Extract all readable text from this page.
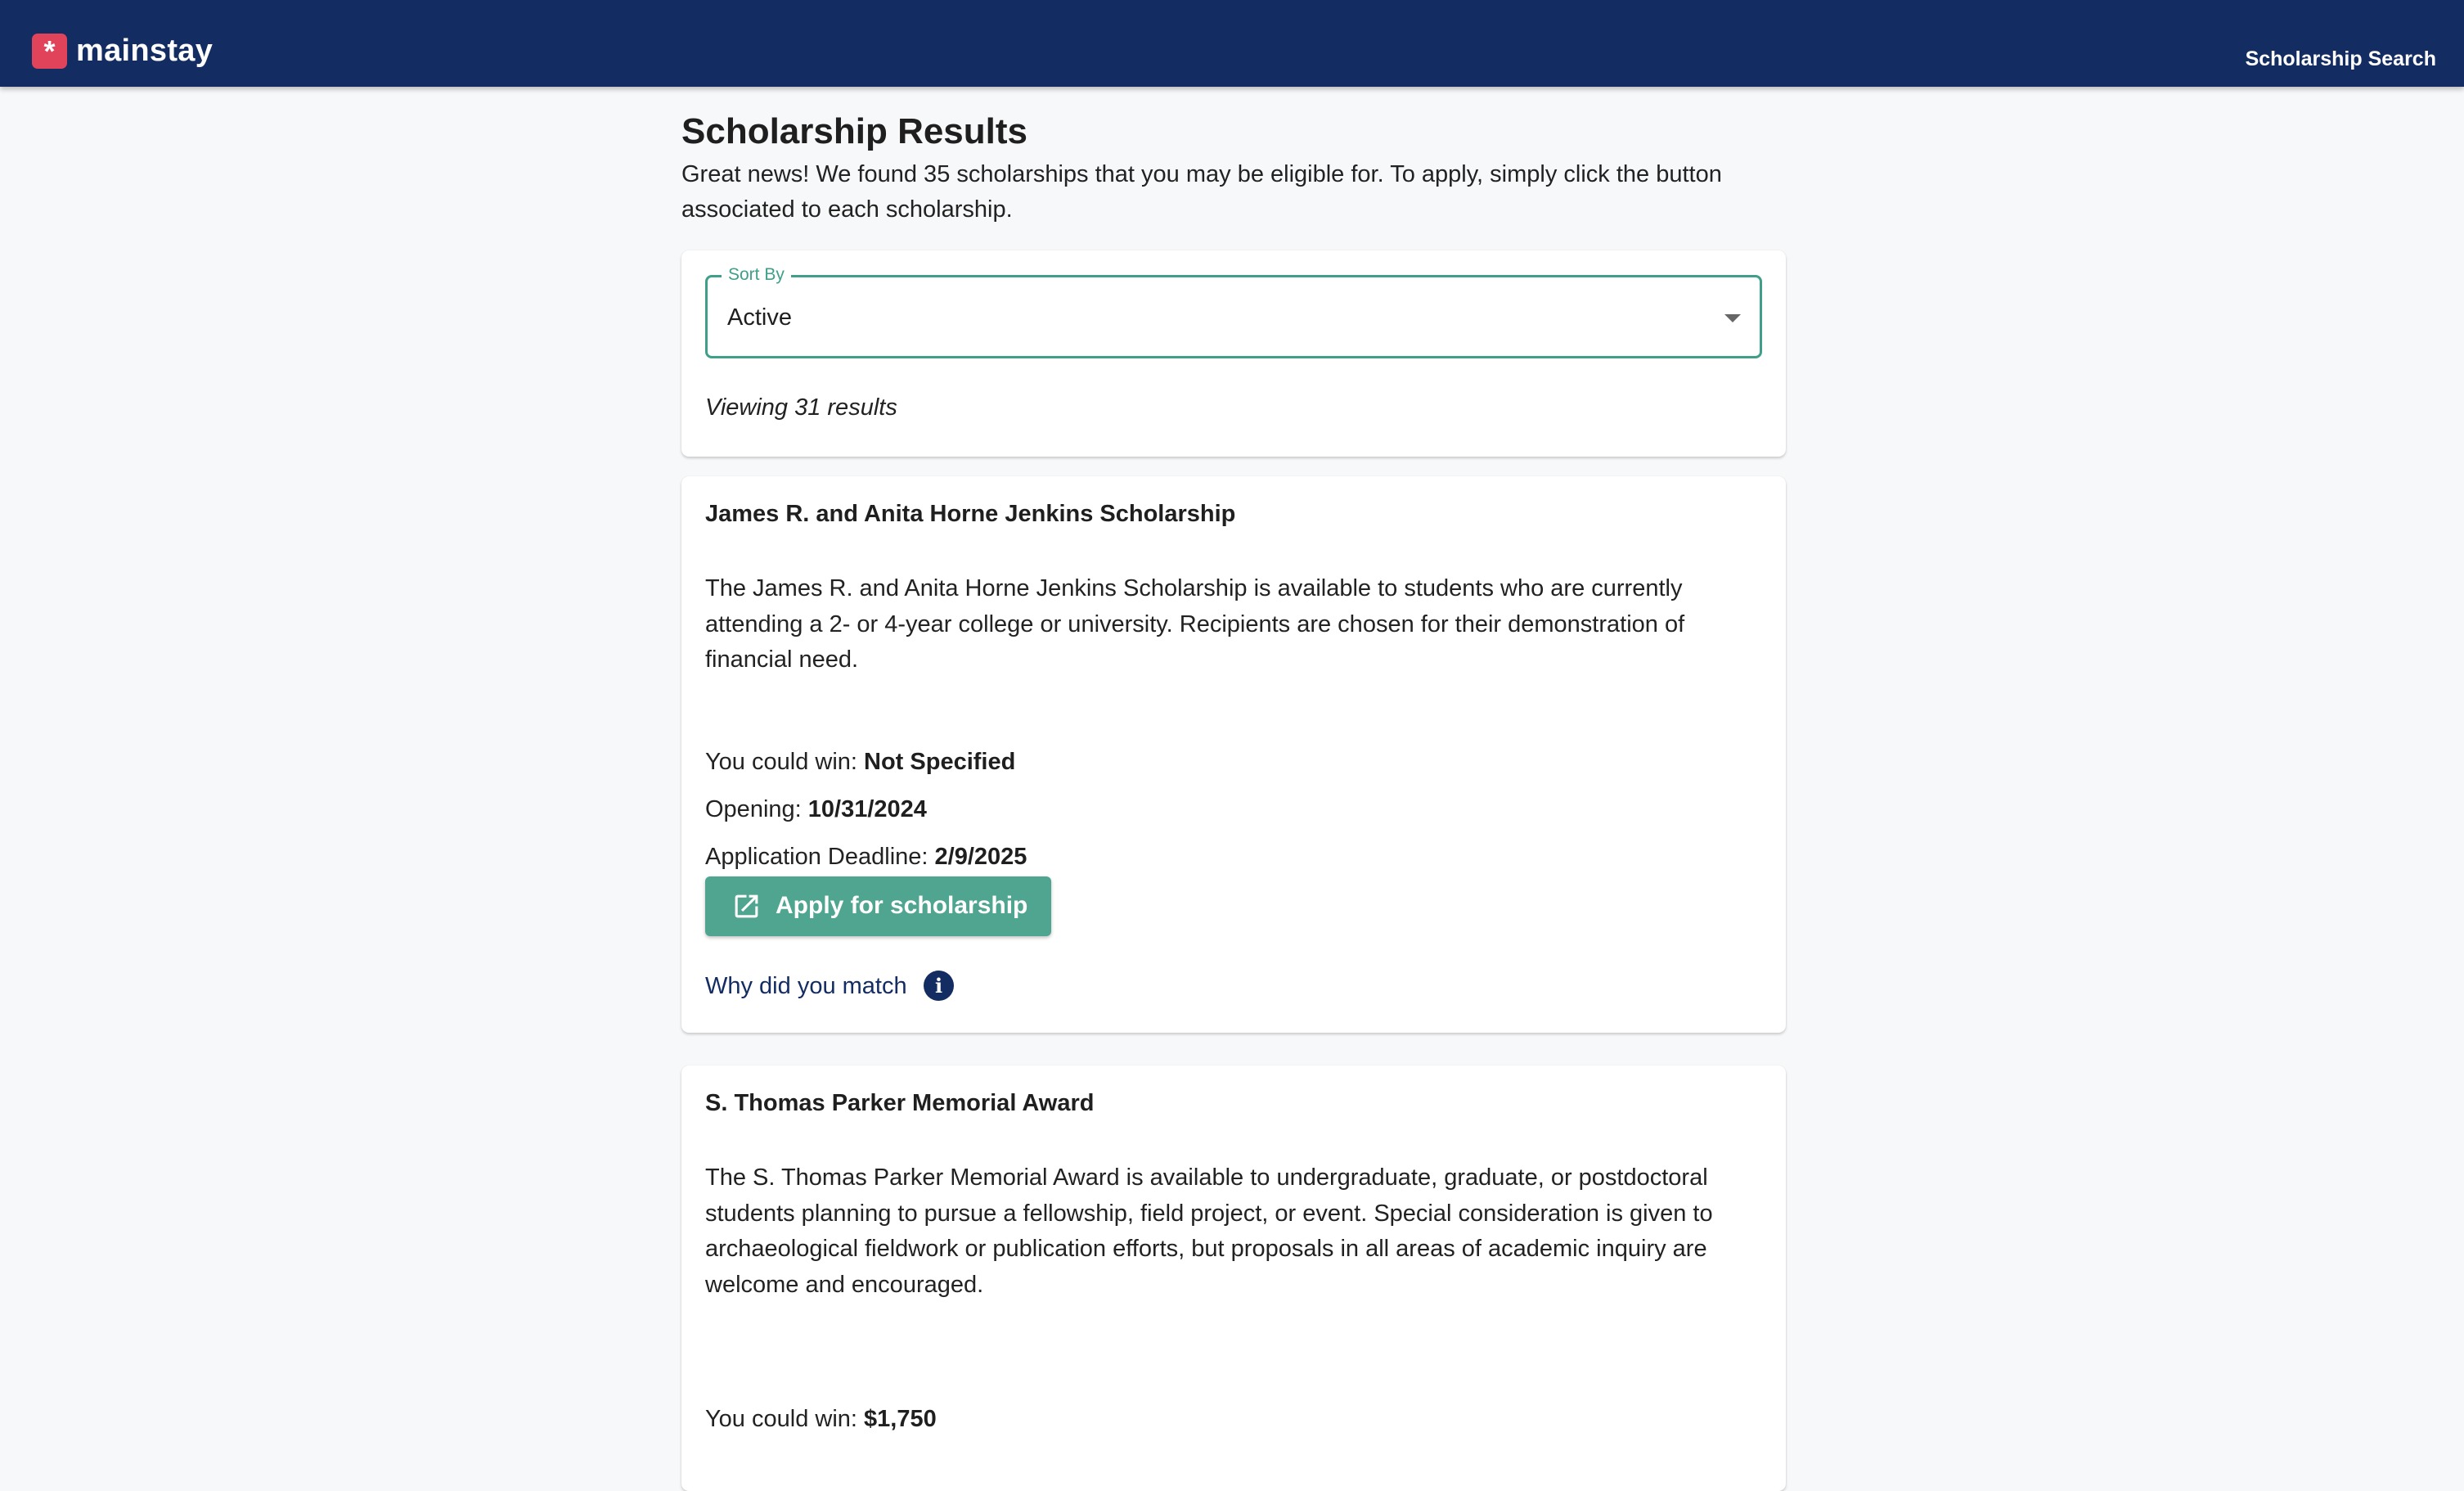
* mainstay	Scholarship Search
Scholarship Results

Great news! We found 35 scholarships that you may be eligible for. To apply, simply click the button associated to each scholarship.

Sort By
Active
Viewing 31 results
James R. and Anita Horne Jenkins Scholarship
The James R. and Anita Horne Jenkins Scholarship is available to students who are currently attending a 2- or 4-year college or university. Recipients are chosen for their demonstration of financial need.
You could win: Not Specified
Opening: 10/31/2024
Application Deadline: 2/9/2025
Apply for scholarship
Why did you match	i
S. Thomas Parker Memorial Award
The S. Thomas Parker Memorial Award is available to undergraduate, graduate, or postdoctoral students planning to pursue a fellowship, field project, or event. Special consideration is given to archaeological fieldwork or publication efforts, but proposals in all areas of academic inquiry are welcome and encouraged.
You could win: $1,750
